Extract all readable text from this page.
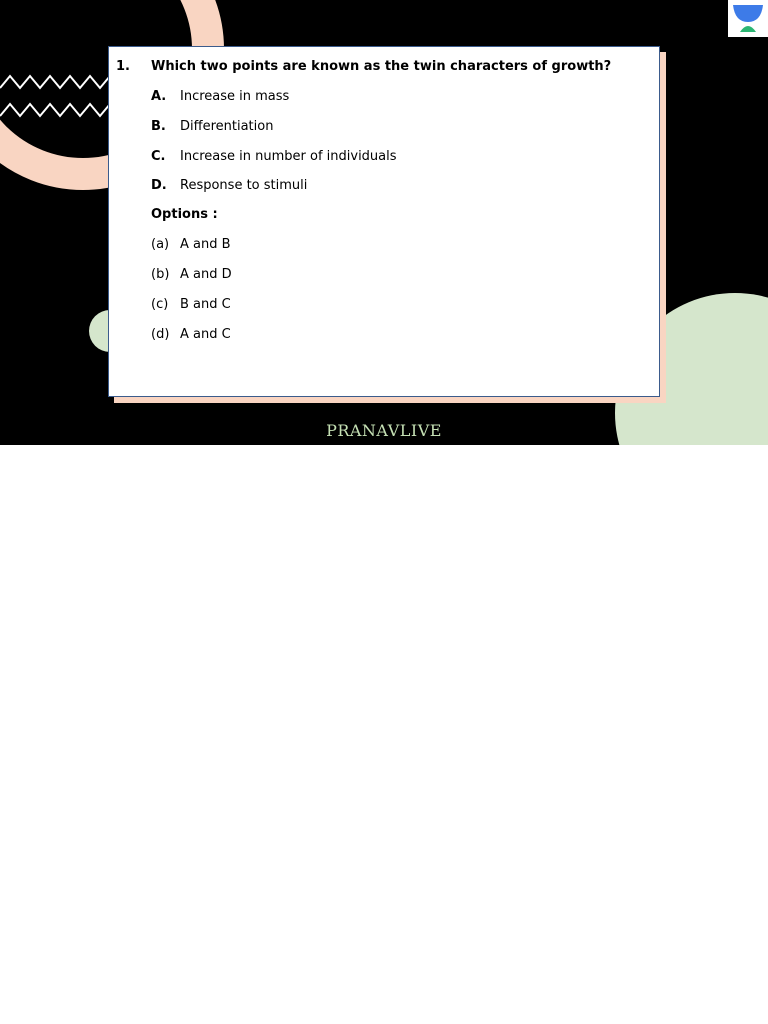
1. Which two points are known as the twin characters of growth?
A. Increase in mass
B. Differentiation
C. Increase in number of individuals
D. Response to stimuli
Options :
(a) A and B
(b) A and D
(c) B and C
(d) A and C
PRANAVLIVE
